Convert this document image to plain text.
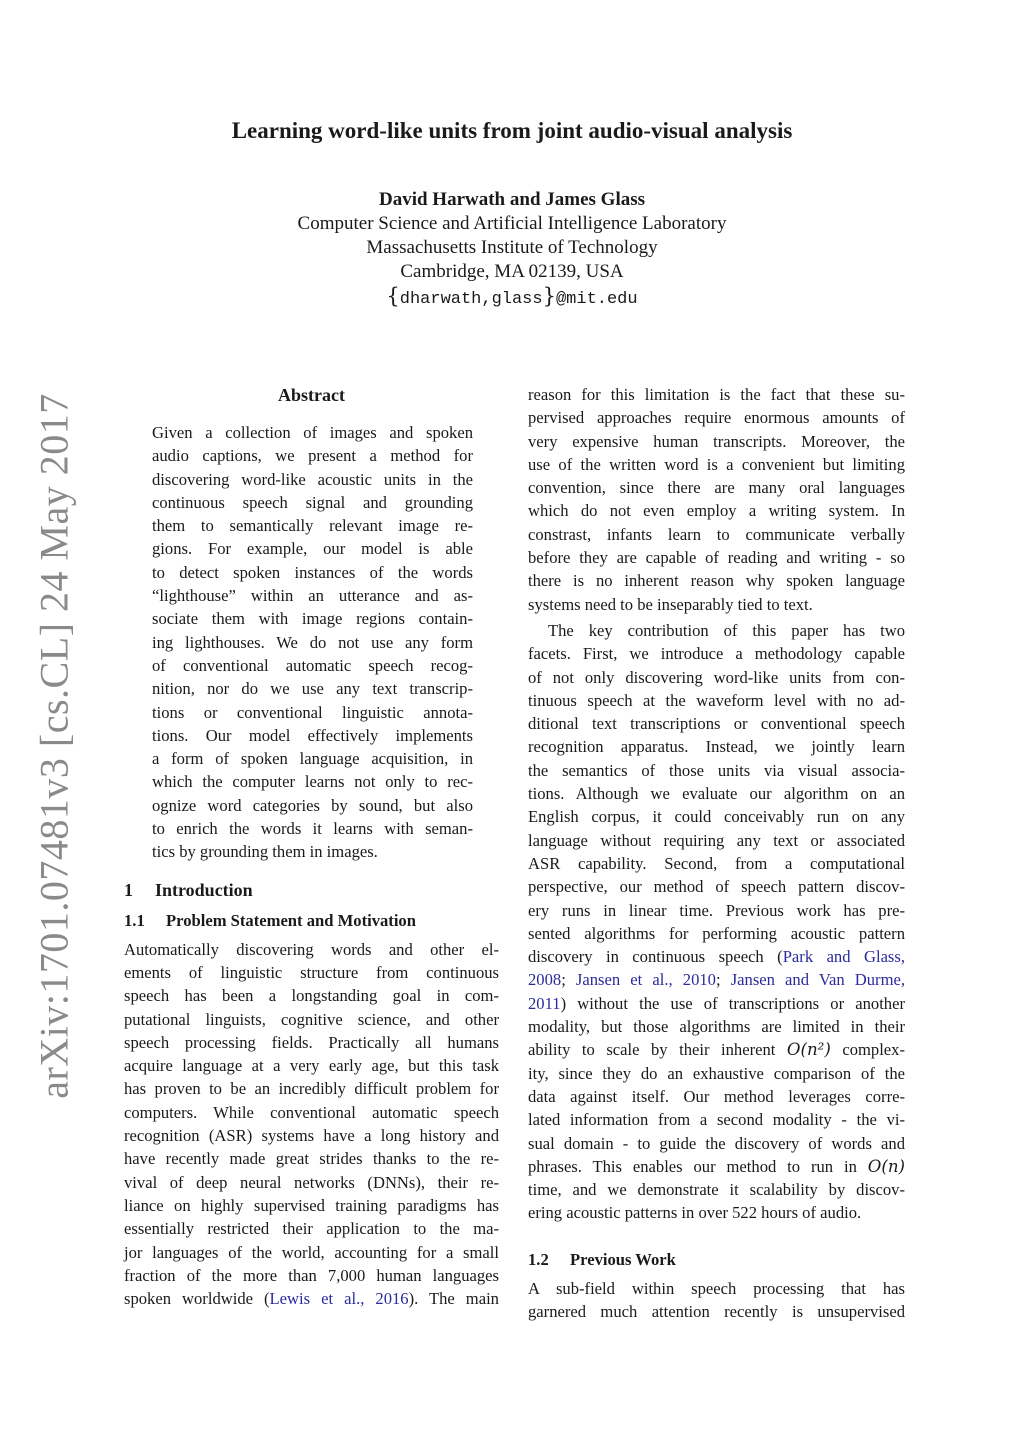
arXiv:1701.07481v3 [cs.CL] 24 May 2017
Learning word-like units from joint audio-visual analysis
David Harwath and James Glass
Computer Science and Artificial Intelligence Laboratory
Massachusetts Institute of Technology
Cambridge, MA 02139, USA
{dharwath,glass}@mit.edu
Abstract
Given a collection of images and spoken
audio captions, we present a method for
discovering word-like acoustic units in the
continuous speech signal and grounding
them to semantically relevant image re-
gions. For example, our model is able
to detect spoken instances of the words
“lighthouse” within an utterance and as-
sociate them with image regions contain-
ing lighthouses. We do not use any form
of conventional automatic speech recog-
nition, nor do we use any text transcrip-
tions or conventional linguistic annota-
tions. Our model effectively implements
a form of spoken language acquisition, in
which the computer learns not only to rec-
ognize word categories by sound, but also
to enrich the words it learns with seman-
tics by grounding them in images.
1 Introduction
1.1 Problem Statement and Motivation
Automatically discovering words and other el-
ements of linguistic structure from continuous
speech has been a longstanding goal in com-
putational linguists, cognitive science, and other
speech processing fields. Practically all humans
acquire language at a very early age, but this task
has proven to be an incredibly difficult problem for
computers. While conventional automatic speech
recognition (ASR) systems have a long history and
have recently made great strides thanks to the re-
vival of deep neural networks (DNNs), their re-
liance on highly supervised training paradigms has
essentially restricted their application to the ma-
jor languages of the world, accounting for a small
fraction of the more than 7,000 human languages
spoken worldwide (Lewis et al., 2016). The main
reason for this limitation is the fact that these su-
pervised approaches require enormous amounts of
very expensive human transcripts. Moreover, the
use of the written word is a convenient but limiting
convention, since there are many oral languages
which do not even employ a writing system. In
constrast, infants learn to communicate verbally
before they are capable of reading and writing - so
there is no inherent reason why spoken language
systems need to be inseparably tied to text.
The key contribution of this paper has two
facets. First, we introduce a methodology capable
of not only discovering word-like units from con-
tinuous speech at the waveform level with no ad-
ditional text transcriptions or conventional speech
recognition apparatus. Instead, we jointly learn
the semantics of those units via visual associa-
tions. Although we evaluate our algorithm on an
English corpus, it could conceivably run on any
language without requiring any text or associated
ASR capability. Second, from a computational
perspective, our method of speech pattern discov-
ery runs in linear time. Previous work has pre-
sented algorithms for performing acoustic pattern
discovery in continuous speech (Park and Glass,
2008; Jansen et al., 2010; Jansen and Van Durme,
2011) without the use of transcriptions or another
modality, but those algorithms are limited in their
ability to scale by their inherent O(n²) complex-
ity, since they do an exhaustive comparison of the
data against itself. Our method leverages corre-
lated information from a second modality - the vi-
sual domain - to guide the discovery of words and
phrases. This enables our method to run in O(n)
time, and we demonstrate it scalability by discov-
ering acoustic patterns in over 522 hours of audio.
1.2 Previous Work
A sub-field within speech processing that has
garnered much attention recently is unsupervised
